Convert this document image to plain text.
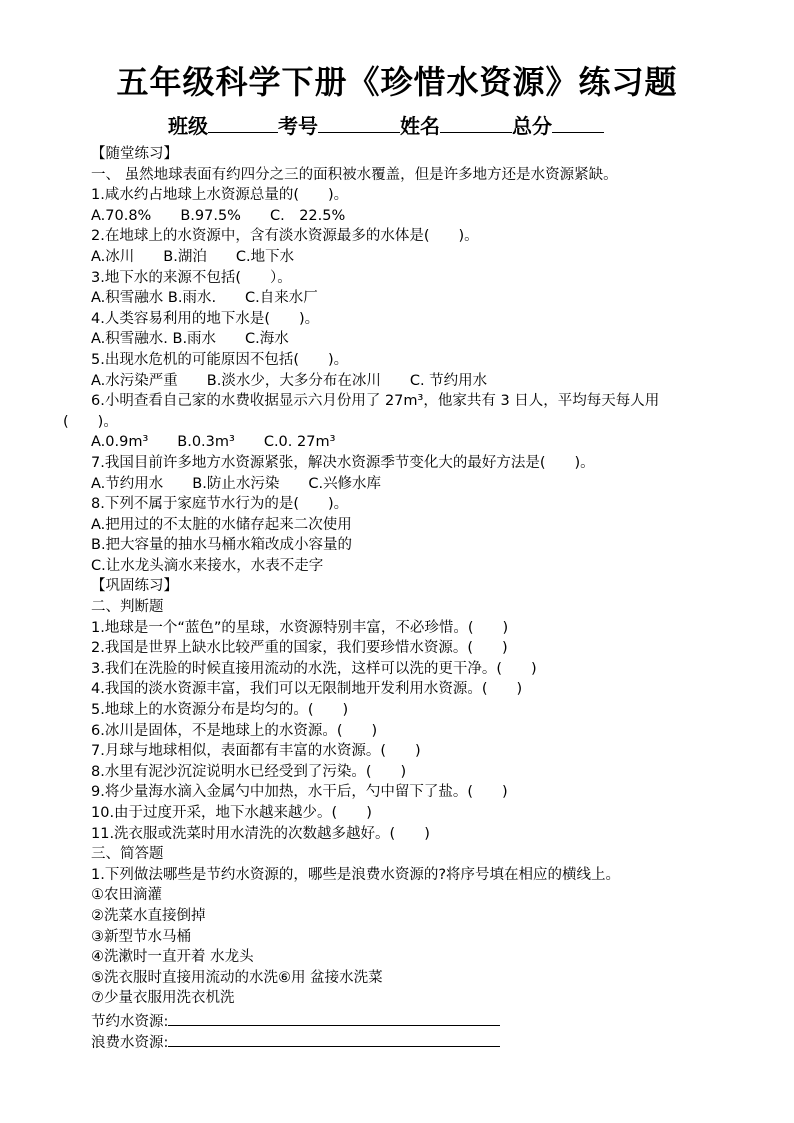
五年级科学下册《珍惜水资源》练习题
班级	考号	姓名	总分
【随堂练习】
一、 虽然地球表面有约四分之三的面积被水覆盖，但是许多地方还是水资源紧缺。
1.咸水约占地球上水资源总量的(　　)。
A.70.8%　　B.97.5%　　C.　22.5%
2.在地球上的水资源中，含有淡水资源最多的水体是(　　)。
A.冰川　　B.湖泊　　C.地下水
3.地下水的来源不包括(　　）。
A.积雪融水 B.雨水.　　C.自来水厂
4.人类容易利用的地下水是(　　)。
A.积雪融水. B.雨水　　C.海水
5.出现水危机的可能原因不包括(　　)。
A.水污染严重　　B.淡水少，大多分布在冰川　　C. 节约用水
6.小明查看自己家的水费收据显示六月份用了 27m³，他家共有 3 日人，平均每天每人用
(　　)。
A.0.9m³　　B.0.3m³　　C.0. 27m³
7.我国目前许多地方水资源紧张，解决水资源季节变化大的最好方法是(　　)。
A.节约用水　　B.防止水污染　　C.兴修水库
8.下列不属于家庭节水行为的是(　　)。
A.把用过的不太脏的水储存起来二次使用
B.把大容量的抽水马桶水箱改成小容量的
C.让水龙头滴水来接水，水表不走字
【巩固练习】
二、判断题
1.地球是一个“蓝色”的星球，水资源特别丰富，不必珍惜。(　　)
2.我国是世界上缺水比较严重的国家，我们要珍惜水资源。(　　)
3.我们在洗脸的时候直接用流动的水洗，这样可以洗的更干净。(　　)
4.我国的淡水资源丰富，我们可以无限制地开发利用水资源。(　　)
5.地球上的水资源分布是均匀的。(　　)
6.冰川是固体，不是地球上的水资源。(　　)
7.月球与地球相似，表面都有丰富的水资源。(　　)
8.水里有泥沙沉淀说明水已经受到了污染。(　　)
9.将少量海水滴入金属勺中加热，水干后，勺中留下了盐。(　　)
10.由于过度开采，地下水越来越少。(　　)
11.洗衣服或洗菜时用水清洗的次数越多越好。(　　)
三、简答题
1.下列做法哪些是节约水资源的，哪些是浪费水资源的?将序号填在相应的横线上。
①农田滴灌
②洗菜水直接倒掉
③新型节水马桶
④洗漱时一直开着 水龙头
⑤洗衣服时直接用流动的水洗⑥用 盆接水洗菜
⑦少量衣服用洗衣机洗
节约水资源:
浪费水资源:
